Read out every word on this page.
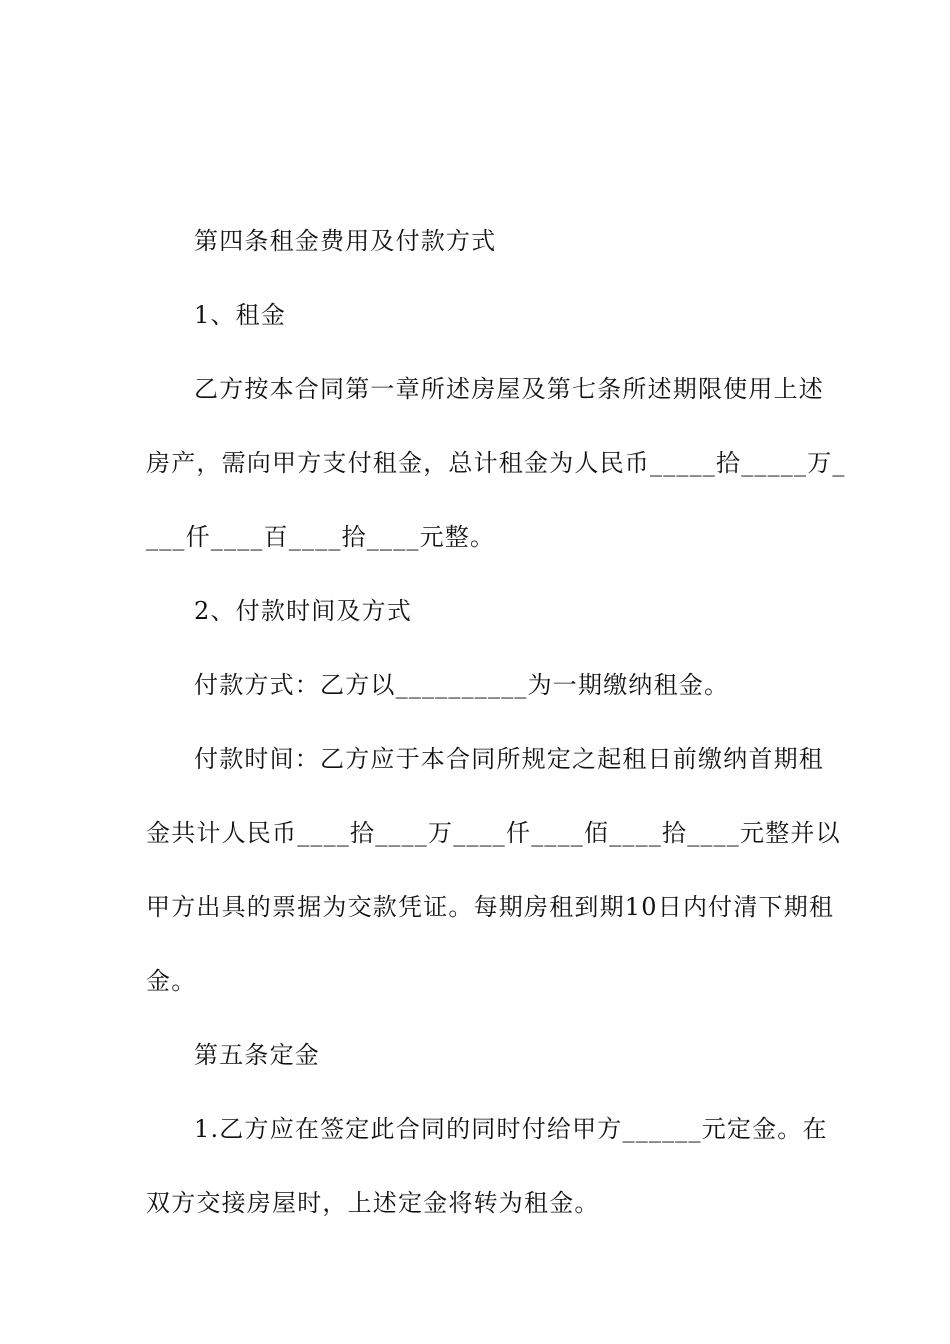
第四条租金费用及付款方式

1、租金

乙方按本合同第一章所述房屋及第七条所述期限使用上述
房产，需向甲方支付租金，总计租金为人民币_____拾_____万_
___仟____百____拾____元整。

2、付款时间及方式

付款方式：乙方以__________为一期缴纳租金。

付款时间：乙方应于本合同所规定之起租日前缴纳首期租
金共计人民币____拾____万____仟____佰____拾____元整并以
甲方出具的票据为交款凭证。每期房租到期10日内付清下期租
金。

第五条定金

1.乙方应在签定此合同的同时付给甲方______元定金。在
双方交接房屋时，上述定金将转为租金。
